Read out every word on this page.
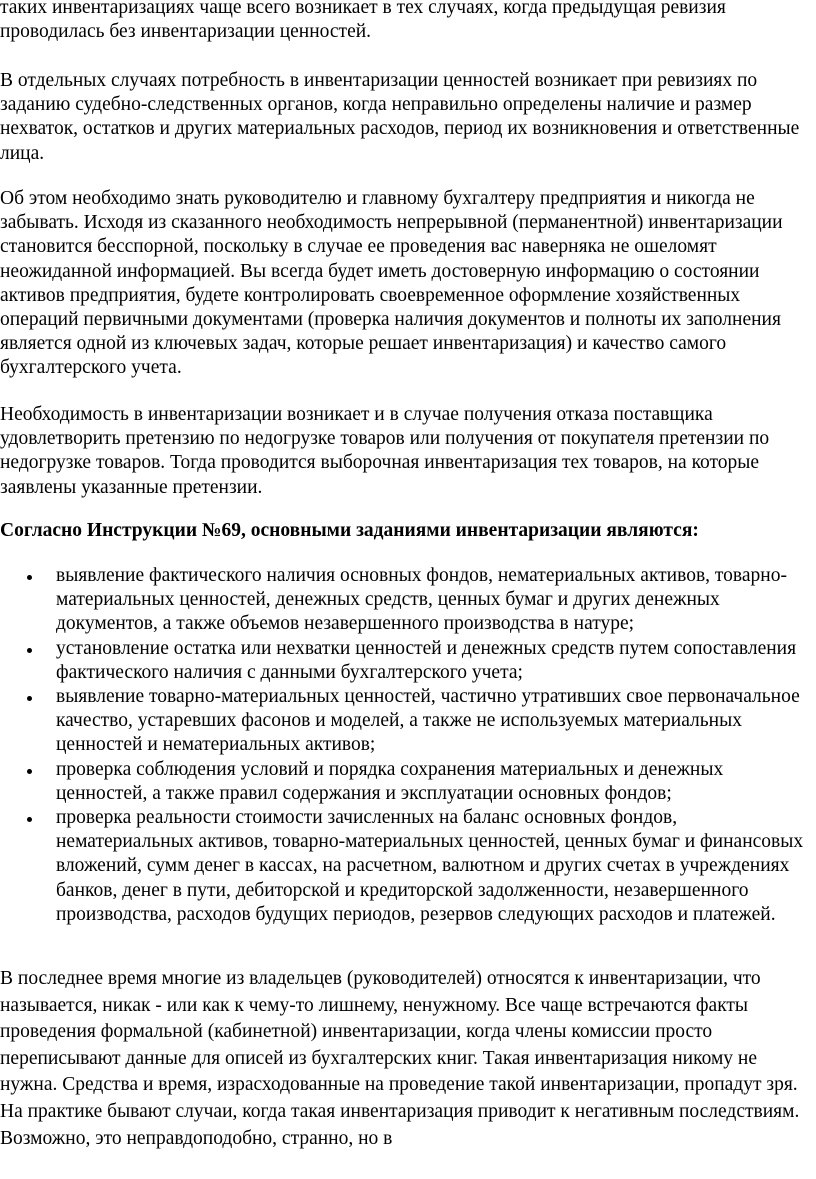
таких инвентаризациях чаще всего возникает в тех случаях, когда предыдущая ревизия проводилась без инвентаризации ценностей.

В отдельных случаях потребность в инвентаризации ценностей возникает при ревизиях по заданию судебно-следственных органов, когда неправильно определены наличие и размер нехваток, остатков и других материальных расходов, период их возникновения и ответственные лица.

Об этом необходимо знать руководителю и главному бухгалтеру предприятия и никогда не забывать. Исходя из сказанного необходимость непрерывной (перманентной) инвентаризации становится бесспорной, поскольку в случае ее проведения вас наверняка не ошеломят неожиданной информацией. Вы всегда будет иметь достоверную информацию о состоянии активов предприятия, будете контролировать своевременное оформление хозяйственных операций первичными документами (проверка наличия документов и полноты их заполнения является одной из ключевых задач, которые решает инвентаризация) и качество самого бухгалтерского учета.

Необходимость в инвентаризации возникает и в случае получения отказа поставщика удовлетворить претензию по недогрузке товаров или получения от покупателя претензии по недогрузке товаров. Тогда проводится выборочная инвентаризация тех товаров, на которые заявлены указанные претензии.

Согласно Инструкции №69, основными заданиями инвентаризации являются:

выявление фактического наличия основных фондов, нематериальных активов, товарно-материальных ценностей, денежных средств, ценных бумаг и других денежных документов, а также объемов незавершенного производства в натуре;
установление остатка или нехватки ценностей и денежных средств путем сопоставления фактического наличия с данными бухгалтерского учета;
выявление товарно-материальных ценностей, частично утративших свое первоначальное качество, устаревших фасонов и моделей, а также не используемых материальных ценностей и нематериальных активов;
проверка соблюдения условий и порядка сохранения материальных и денежных ценностей, а также правил содержания и эксплуатации основных фондов;
проверка реальности стоимости зачисленных на баланс основных фондов, нематериальных активов, товарно-материальных ценностей, ценных бумаг и финансовых вложений, сумм денег в кассах, на расчетном, валютном и других счетах в учреждениях банков, денег в пути, дебиторской и кредиторской задолженности, незавершенного производства, расходов будущих периодов, резервов следующих расходов и платежей.

В последнее время многие из владельцев (руководителей) относятся к инвентаризации, что называется, никак - или как к чему-то лишнему, ненужному. Все чаще встречаются факты проведения формальной (кабинетной) инвентаризации, когда члены комиссии просто переписывают данные для описей из бухгалтерских книг. Такая инвентаризация никому не нужна. Средства и время, израсходованные на проведение такой инвентаризации, пропадут зря. На практике бывают случаи, когда такая инвентаризация приводит к негативным последствиям. Возможно, это неправдоподобно, странно, но в
